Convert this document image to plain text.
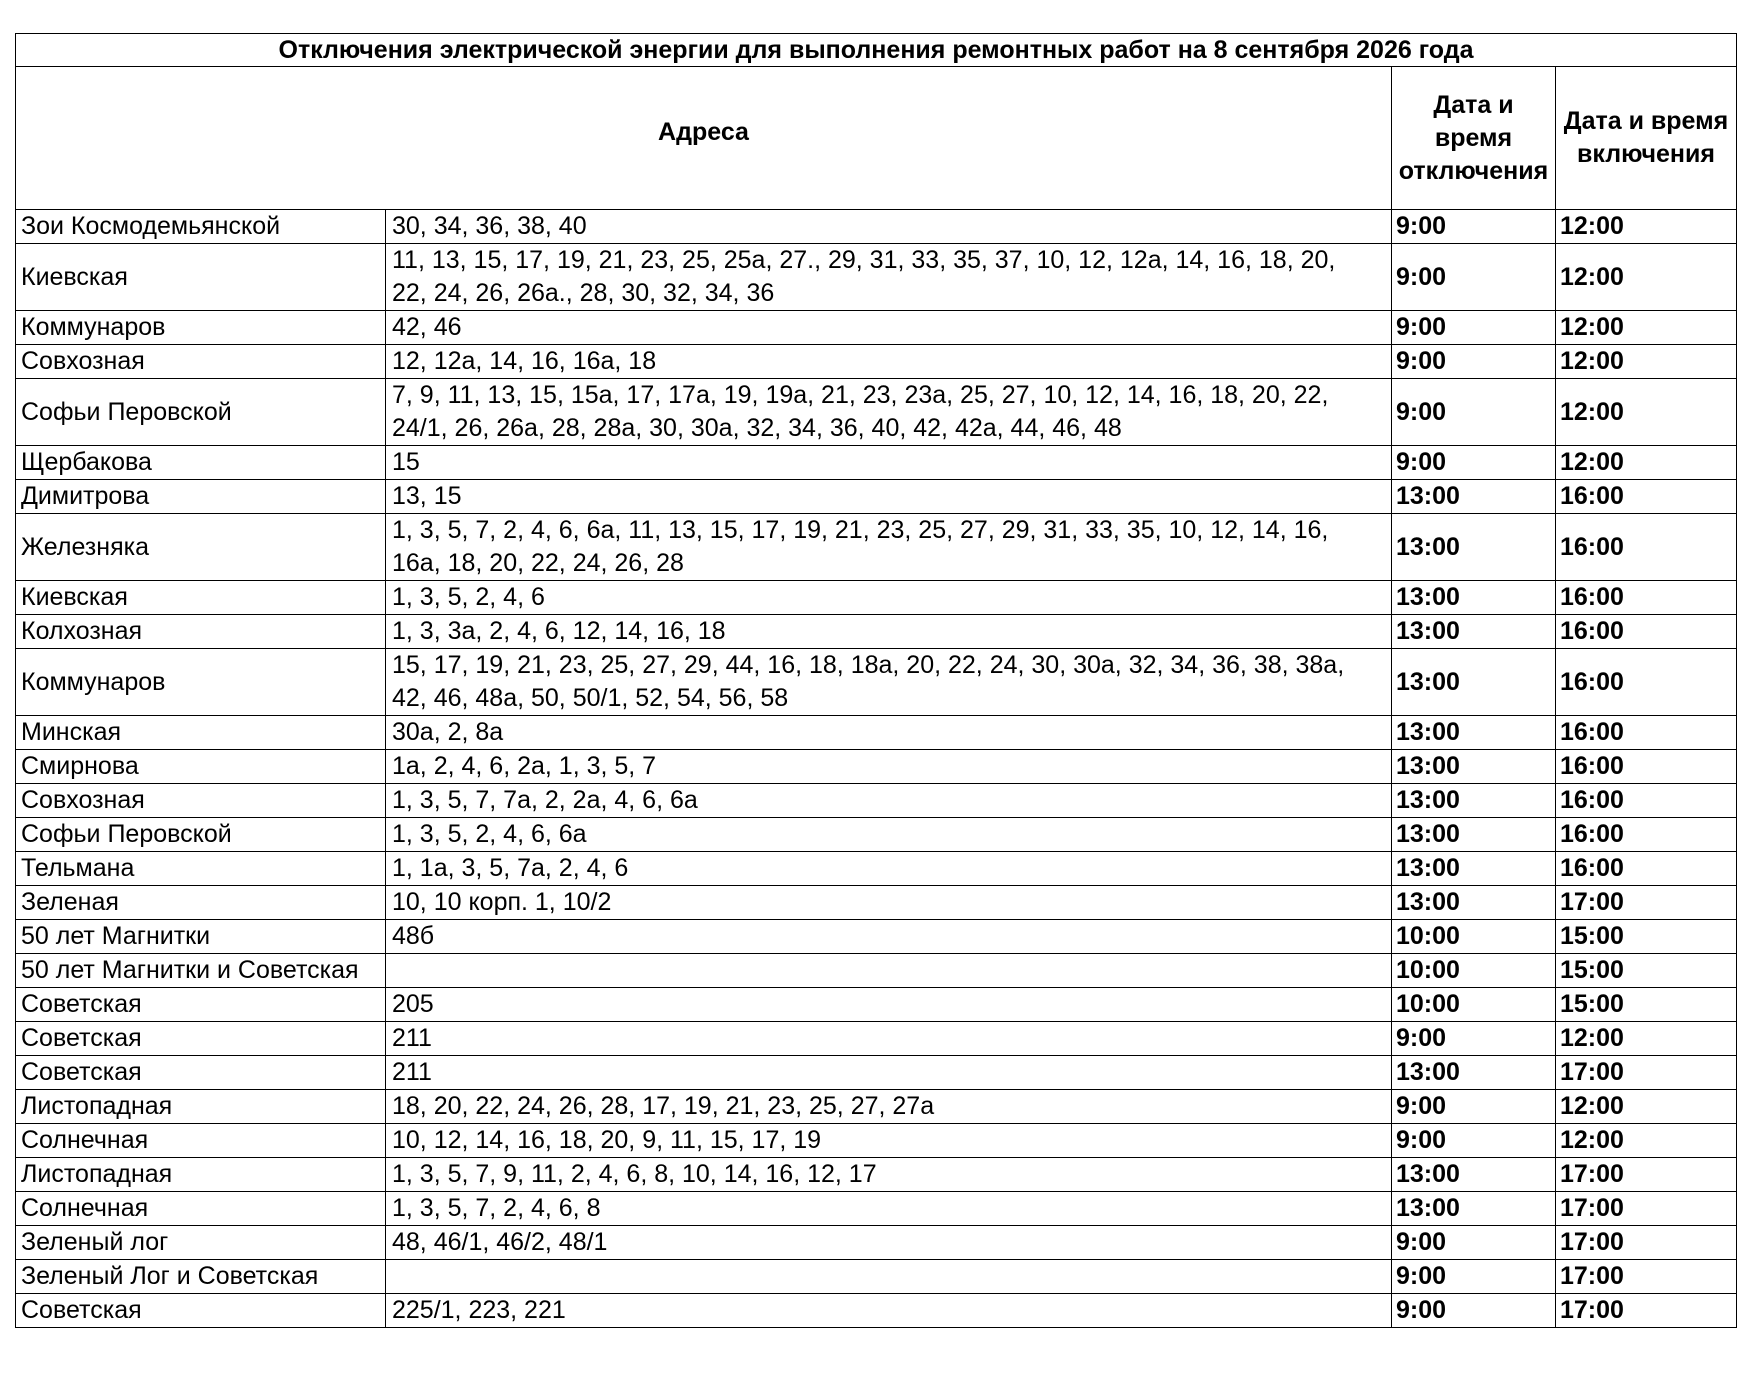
Отключения электрической энергии для выполнения ремонтных работ на 8 сентября 2026 года			
Адреса		Дата и время отключения	Дата и время включения
Зои Космодемьянской	30, 34, 36, 38, 40	9:00	12:00
Киевская	11, 13, 15, 17, 19, 21, 23, 25, 25а, 27., 29, 31, 33, 35, 37, 10, 12, 12а, 14, 16, 18, 20, 22, 24, 26, 26а., 28, 30, 32, 34, 36	9:00	12:00
Коммунаров	42, 46	9:00	12:00
Совхозная	12, 12а, 14, 16, 16а, 18	9:00	12:00
Софьи Перовской	7, 9, 11, 13, 15, 15а, 17, 17а, 19, 19а, 21, 23, 23а, 25, 27, 10, 12, 14, 16, 18, 20, 22, 24/1, 26, 26а, 28, 28а, 30, 30а, 32, 34, 36, 40, 42, 42а, 44, 46, 48	9:00	12:00
Щербакова	15	9:00	12:00
Димитрова	13, 15	13:00	16:00
Железняка	1, 3, 5, 7, 2, 4, 6, 6а, 11, 13, 15, 17, 19, 21, 23, 25, 27, 29, 31, 33, 35, 10, 12, 14, 16, 16а, 18, 20, 22, 24, 26, 28	13:00	16:00
Киевская	1, 3, 5, 2, 4, 6	13:00	16:00
Колхозная	1, 3, 3а, 2, 4, 6, 12, 14, 16, 18	13:00	16:00
Коммунаров	15, 17, 19, 21, 23, 25, 27, 29, 44, 16, 18, 18а, 20, 22, 24, 30, 30а, 32, 34, 36, 38, 38а, 42, 46, 48а, 50, 50/1, 52, 54, 56, 58	13:00	16:00
Минская	30а, 2, 8а	13:00	16:00
Смирнова	1а, 2, 4, 6, 2а, 1, 3, 5, 7	13:00	16:00
Совхозная	1, 3, 5, 7, 7а, 2, 2а, 4, 6, 6а	13:00	16:00
Софьи Перовской	1, 3, 5, 2, 4, 6, 6а	13:00	16:00
Тельмана	1, 1а, 3, 5, 7а, 2, 4, 6	13:00	16:00
Зеленая	10, 10 корп. 1, 10/2	13:00	17:00
50 лет Магнитки	48б	10:00	15:00
50 лет Магнитки и Советская		10:00	15:00
Советская	205	10:00	15:00
Советская	211	9:00	12:00
Советская	211	13:00	17:00
Листопадная	18, 20, 22, 24, 26, 28, 17, 19, 21, 23, 25, 27, 27а	9:00	12:00
Солнечная	10, 12, 14, 16, 18, 20, 9, 11, 15, 17, 19	9:00	12:00
Листопадная	1, 3, 5, 7, 9, 11, 2, 4, 6, 8, 10, 14, 16, 12, 17	13:00	17:00
Солнечная	1, 3, 5, 7, 2, 4, 6, 8	13:00	17:00
Зеленый лог	48, 46/1, 46/2, 48/1	9:00	17:00
Зеленый Лог и Советская		9:00	17:00
Советская	225/1, 223, 221	9:00	17:00
